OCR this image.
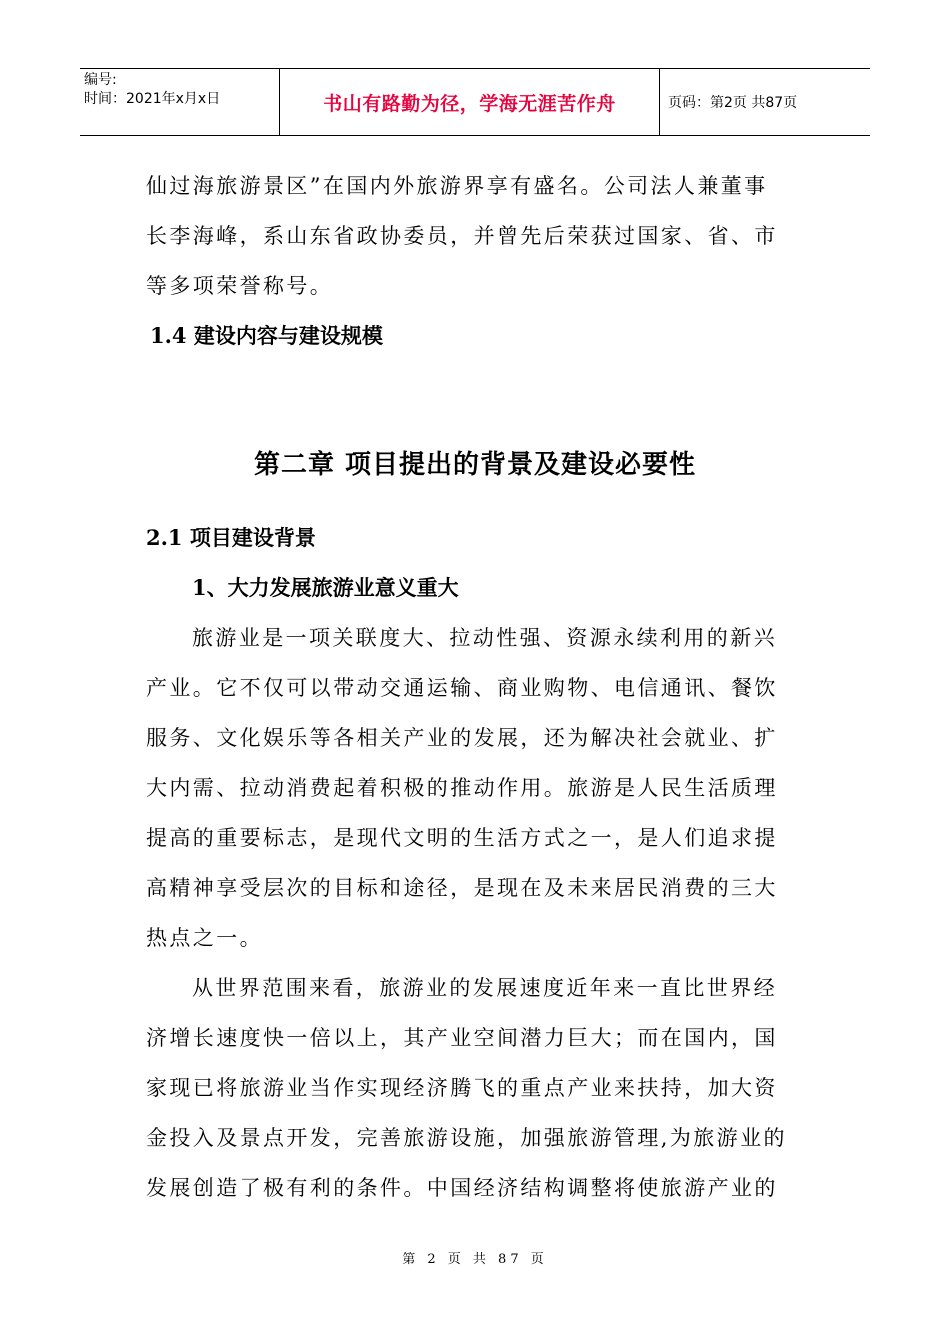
编号:
时间：2021年x月x日	书山有路勤为径，学海无涯苦作舟	页码：第2页 共87页
仙过海旅游景区”在国内外旅游界享有盛名。公司法人兼董事
长李海峰，系山东省政协委员，并曾先后荣获过国家、省、市
等多项荣誉称号。
1.4 建设内容与建设规模
第二章 项目提出的背景及建设必要性
2.1 项目建设背景
1、大力发展旅游业意义重大
旅游业是一项关联度大、拉动性强、资源永续利用的新兴
产业。它不仅可以带动交通运输、商业购物、电信通讯、餐饮
服务、文化娱乐等各相关产业的发展，还为解决社会就业、扩
大内需、拉动消费起着积极的推动作用。旅游是人民生活质理
提高的重要标志，是现代文明的生活方式之一，是人们追求提
高精神享受层次的目标和途径，是现在及未来居民消费的三大
热点之一。
从世界范围来看，旅游业的发展速度近年来一直比世界经
济增长速度快一倍以上，其产业空间潜力巨大；而在国内，国
家现已将旅游业当作实现经济腾飞的重点产业来扶持，加大资
金投入及景点开发，完善旅游设施，加强旅游管理,为旅游业的
发展创造了极有利的条件。中国经济结构调整将使旅游产业的
第 2 页 共 87 页
